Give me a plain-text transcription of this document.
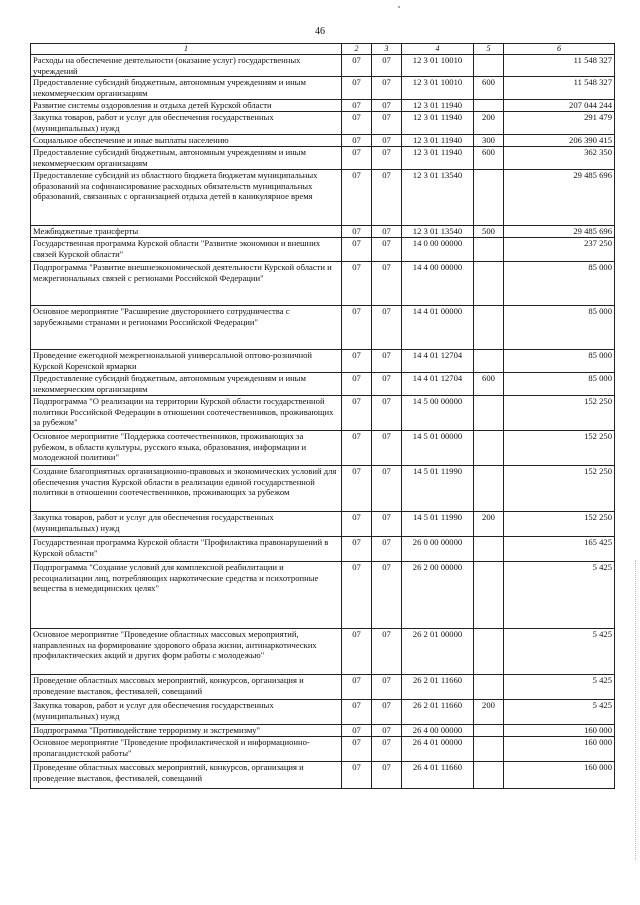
46
1	2	3	4	5	6
Расходы на обеспечение деятельности (оказание услуг) государственных учреждений	07	07	12 3 01 10010		11 548 327
Предоставление субсидий бюджетным, автономным учреждениям и иным некоммерческим организациям	07	07	12 3 01 10010	600	11 548 327
Развитие системы оздоровления и отдыха детей Курской области	07	07	12 3 01 11940		207 044 244
Закупка товаров, работ и услуг для обеспечения государственных (муниципальных) нужд	07	07	12 3 01 11940	200	291 479
Социальное обеспечение и иные выплаты населению	07	07	12 3 01 11940	300	206 390 415
Предоставление субсидий бюджетным, автономным учреждениям и иным некоммерческим организациям	07	07	12 3 01 11940	600	362 350
Предоставление субсидий из областного бюджета бюджетам муниципальных образований на софинансирование расходных обязательств муниципальных образований, связанных с организацией отдыха детей в каникулярное время	07	07	12 3 01 13540		29 485 696
Межбюджетные трансферты	07	07	12 3 01 13540	500	29 485 696
Государственная программа Курской области "Развитие экономики и внешних связей Курской области"	07	07	14 0 00 00000		237 250
Подпрограмма "Развитие внешнеэкономической деятельности Курской области и межрегиональных связей с регионами Российской Федерации"	07	07	14 4 00 00000		85 000
Основное мероприятие "Расширение двустороннего сотрудничества с зарубежными странами и регионами Российской Федерации"	07	07	14 4 01 00000		85 000
Проведение ежегодной межрегиональной универсальной оптово-розничной Курской Коренской ярмарки	07	07	14 4 01 12704		85 000
Предоставление субсидий бюджетным, автономным учреждениям и иным некоммерческим организациям	07	07	14 4 01 12704	600	85 000
Подпрограмма "О реализации на территории Курской области государственной политики Российской Федерации в отношении соотечественников, проживающих за рубежом"	07	07	14 5 00 00000		152 250
Основное мероприятие "Поддержка соотечественников, проживающих за рубежом, в области культуры, русского языка, образования, информации и молодежной политики"	07	07	14 5 01 00000		152 250
Создание благоприятных организационно-правовых и экономических условий для обеспечения участия Курской области в реализации единой государственной политики в отношении соотечественников, проживающих за рубежом	07	07	14 5 01 11990		152 250
Закупка товаров, работ и услуг для обеспечения государственных (муниципальных) нужд	07	07	14 5 01 11990	200	152 250
Государственная программа Курской области "Профилактика правонарушений в Курской области"	07	07	26 0 00 00000		165 425
Подпрограмма "Создание условий для комплексной реабилитации и ресоциализации лиц, потребляющих наркотические средства и психотропные вещества в немедицинских целях"	07	07	26 2 00 00000		5 425
Основное мероприятие "Проведение областных массовых мероприятий, направленных на формирование здорового образа жизни, антинаркотических профилактических акций и других форм работы с молодежью"	07	07	26 2 01 00000		5 425
Проведение областных массовых мероприятий, конкурсов, организация и проведение выставок, фестивалей, совещаний	07	07	26 2 01 11660		5 425
Закупка товаров, работ и услуг для обеспечения государственных (муниципальных) нужд	07	07	26 2 01 11660	200	5 425
Подпрограмма "Противодействие терроризму и экстремизму"	07	07	26 4 00 00000		160 000
Основное мероприятие "Проведение профилактической и информационно-пропагандистской работы"	07	07	26 4 01 00000		160 000
Проведение областных массовых мероприятий, конкурсов, организация и проведение выставок, фестивалей, совещаний	07	07	26 4 01 11660		160 000
